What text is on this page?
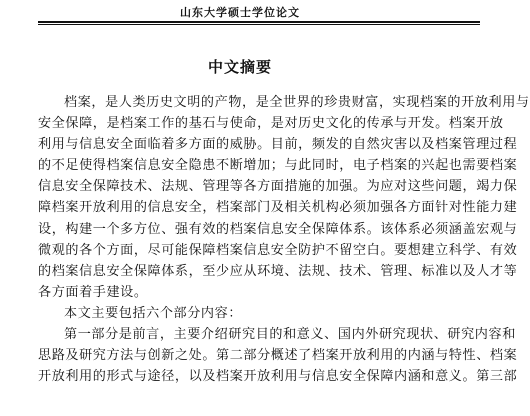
山东大学硕士学位论文
中文摘要
档案，是人类历史文明的产物，是全世界的珍贵财富，实现档案的开放利用与
安全保障，是档案工作的基石与使命，是对历史文化的传承与开发。档案开放
利用与信息安全面临着多方面的威胁。目前，频发的自然灾害以及档案管理过程
的不足使得档案信息安全隐患不断增加；与此同时，电子档案的兴起也需要档案
信息安全保障技术、法规、管理等各方面措施的加强。为应对这些问题，竭力保
障档案开放利用的信息安全，档案部门及相关机构必须加强各方面针对性能力建
设，构建一个多方位、强有效的档案信息安全保障体系。该体系必须涵盖宏观与
微观的各个方面，尽可能保障档案信息安全防护不留空白。要想建立科学、有效
的档案信息安全保障体系，至少应从环境、法规、技术、管理、标准以及人才等
各方面着手建设。
本文主要包括六个部分内容：
第一部分是前言，主要介绍研究目的和意义、国内外研究现状、研究内容和
思路及研究方法与创新之处。第二部分概述了档案开放利用的内涵与特性、档案
开放利用的形式与途径，以及档案开放利用与信息安全保障内涵和意义。第三部
